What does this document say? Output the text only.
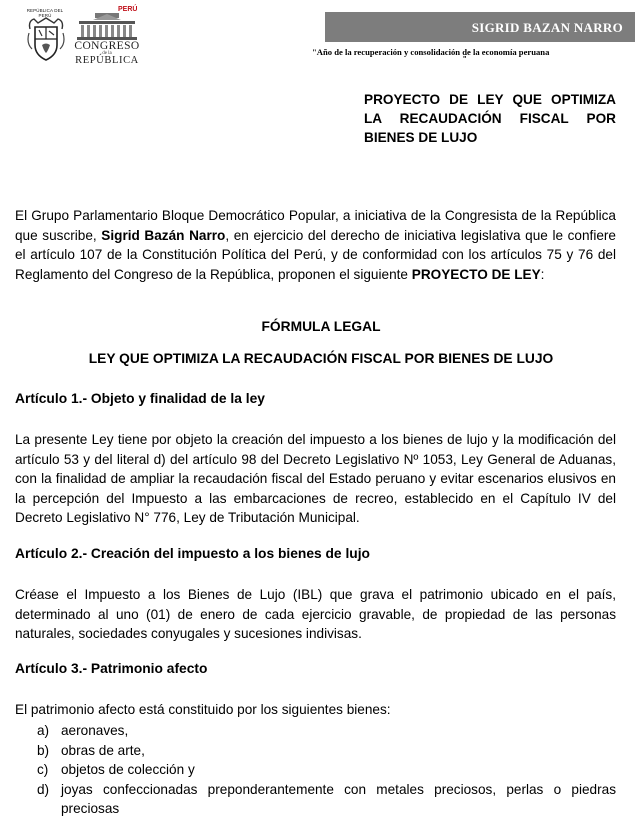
REPÚBLICA DEL PERÚ
PERÚ
CONGRESO
de la
REPÚBLICA
SIGRID BAZAN NARRO
"Año de la recuperación y consolidación de la economía peruana
"
PROYECTO DE LEY QUE OPTIMIZA LA RECAUDACIÓN FISCAL POR BIENES DE LUJO
El Grupo Parlamentario Bloque Democrático Popular, a iniciativa de la Congresista de la República que suscribe, Sigrid Bazán Narro, en ejercicio del derecho de iniciativa legislativa que le confiere el artículo 107 de la Constitución Política del Perú, y de conformidad con los artículos 75 y 76 del Reglamento del Congreso de la República, proponen el siguiente PROYECTO DE LEY:
FÓRMULA LEGAL
LEY QUE OPTIMIZA LA RECAUDACIÓN FISCAL POR BIENES DE LUJO
Artículo 1.- Objeto y finalidad de la ley
La presente Ley tiene por objeto la creación del impuesto a los bienes de lujo y la modificación del artículo 53 y del literal d) del artículo 98 del Decreto Legislativo Nº 1053, Ley General de Aduanas, con la finalidad de ampliar la recaudación fiscal del Estado peruano y evitar escenarios elusivos en la percepción del Impuesto a las embarcaciones de recreo, establecido en el Capítulo IV del Decreto Legislativo N° 776, Ley de Tributación Municipal.
Artículo 2.- Creación del impuesto a los bienes de lujo
Créase el Impuesto a los Bienes de Lujo (IBL) que grava el patrimonio ubicado en el país, determinado al uno (01) de enero de cada ejercicio gravable, de propiedad de las personas naturales, sociedades conyugales y sucesiones indivisas.
Artículo 3.- Patrimonio afecto
El patrimonio afecto está constituido por los siguientes bienes:
a) aeronaves,
b) obras de arte,
c) objetos de colección y
d) joyas confeccionadas preponderantemente con metales preciosos, perlas o piedras preciosas
